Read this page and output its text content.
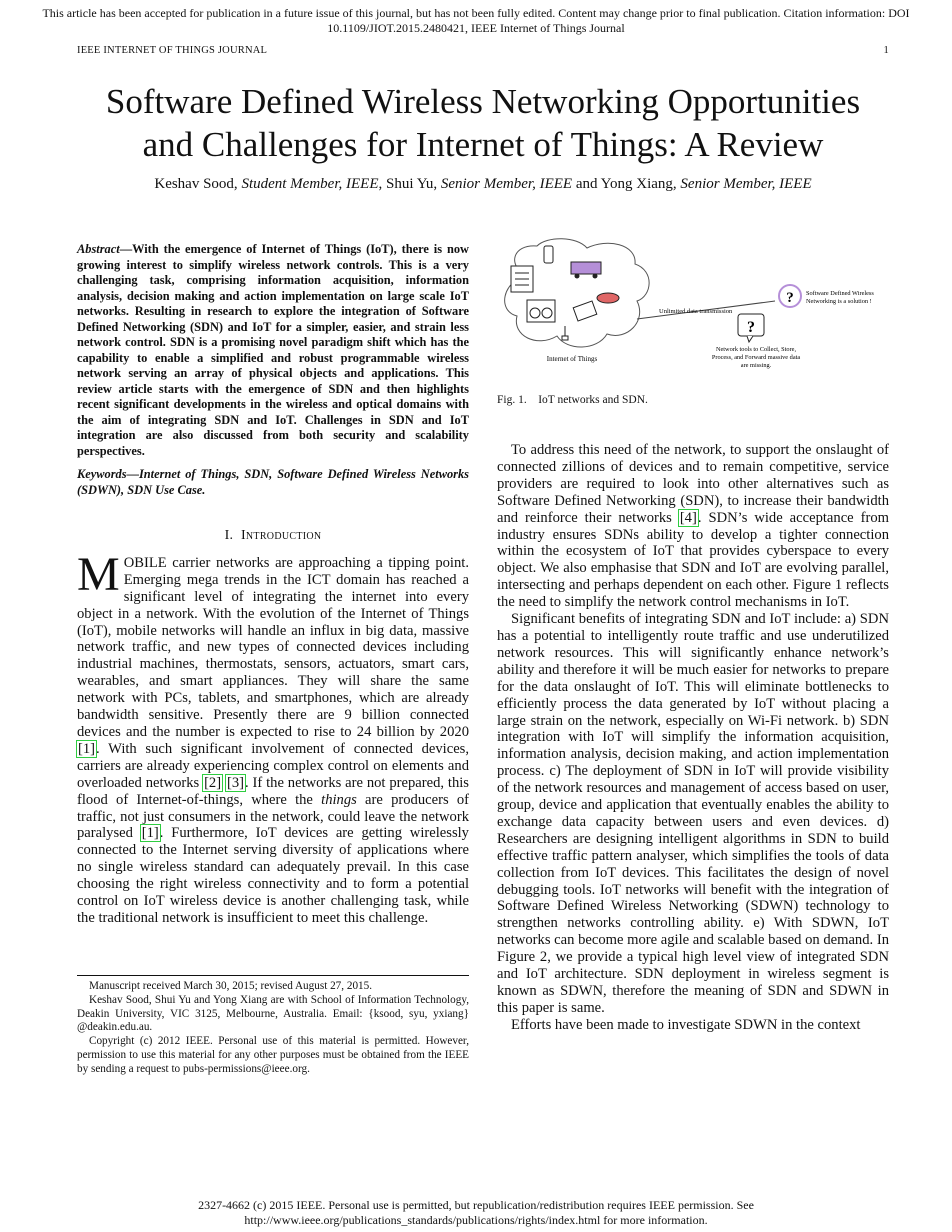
This article has been accepted for publication in a future issue of this journal, but has not been fully edited. Content may change prior to final publication. Citation information: DOI
10.1109/JIOT.2015.2480421, IEEE Internet of Things Journal
IEEE INTERNET OF THINGS JOURNAL	1
Software Defined Wireless Networking Opportunities
and Challenges for Internet of Things: A Review
Keshav Sood, Student Member, IEEE, Shui Yu, Senior Member, IEEE and Yong Xiang, Senior Member, IEEE
Abstract—With the emergence of Internet of Things (IoT), there is now growing interest to simplify wireless network controls. This is a very challenging task, comprising information acquisition, information analysis, decision making and action implementation on large scale IoT networks. Resulting in research to explore the integration of Software Defined Networking (SDN) and IoT for a simpler, easier, and strain less network control. SDN is a promising novel paradigm shift which has the capability to enable a simplified and robust programmable wireless network serving an array of physical objects and applications. This review article starts with the emergence of SDN and then highlights recent significant developments in the wireless and optical domains with the aim of integrating SDN and IoT. Challenges in SDN and IoT integration are also discussed from both security and scalability perspectives.
Keywords—Internet of Things, SDN, Software Defined Wireless Networks (SDWN), SDN Use Case.
I. Introduction

MOBILE carrier networks are approaching a tipping point. Emerging mega trends in the ICT domain has reached a significant level of integrating the internet into every object in a network. With the evolution of the Internet of Things (IoT), mobile networks will handle an influx in big data, massive network traffic, and new types of connected devices including industrial machines, thermostats, sensors, actuators, smart cars, wearables, and smart appliances. They will share the same network with PCs, tablets, and smartphones, which are already bandwidth sensitive. Presently there are 9 billion connected devices and the number is expected to rise to 24 billion by 2020 [1]. With such significant involvement of connected devices, carriers are already experiencing complex control on elements and overloaded networks [2] [3]. If the networks are not prepared, this flood of Internet-of-things, where the things are producers of traffic, not just consumers in the network, could leave the network paralysed [1]. Furthermore, IoT devices are getting wirelessly connected to the Internet serving diversity of applications where no single wireless standard can adequately prevail. In this case choosing the right wireless connectivity and to form a potential control on IoT wireless device is another challenging task, while the traditional network is insufficient to meet this challenge.

Manuscript received March 30, 2015; revised August 27, 2015.

Keshav Sood, Shui Yu and Yong Xiang are with School of Information Technology, Deakin University, VIC 3125, Melbourne, Australia. Email: {ksood, syu, yxiang} @deakin.edu.au.

Copyright (c) 2012 IEEE. Personal use of this material is permitted. However, permission to use this material for any other purposes must be obtained from the IEEE by sending a request to pubs-permissions@ieee.org.

Internet of Things
Unlimited data transmission
?
Network tools to Collect, Store,
Process, and Forward massive data
are missing.
? Software Defined Wireless
Networking is a solution !
Fig. 1.    IoT networks and SDN.

To address this need of the network, to support the onslaught of connected zillions of devices and to remain competitive, service providers are required to look into other alternatives such as Software Defined Networking (SDN), to increase their bandwidth and reinforce their networks [4]. SDN’s wide acceptance from industry ensures SDNs ability to develop a tighter connection within the ecosystem of IoT that provides cyberspace to every object. We also emphasise that SDN and IoT are evolving parallel, intersecting and perhaps dependent on each other. Figure 1 reflects the need to simplify the network control mechanisms in IoT.

Significant benefits of integrating SDN and IoT include: a) SDN has a potential to intelligently route traffic and use underutilized network resources. This will significantly enhance network’s ability and therefore it will be much easier for networks to prepare for the data onslaught of IoT. This will eliminate bottlenecks to efficiently process the data generated by IoT without placing a large strain on the network, especially on Wi-Fi network. b) SDN integration with IoT will simplify the information acquisition, information analysis, decision making, and action implementation process. c) The deployment of SDN in IoT will provide visibility of the network resources and management of access based on user, group, device and application that eventually enables the ability to exchange data capacity between users and even devices. d) Researchers are designing intelligent algorithms in SDN to build effective traffic pattern analyser, which simplifies the tools of data collection from IoT devices. This facilitates the design of novel debugging tools. IoT networks will benefit with the integration of Software Defined Wireless Networking (SDWN) technology to strengthen networks controlling ability. e) With SDWN, IoT networks can become more agile and scalable based on demand. In Figure 2, we provide a typical high level view of integrated SDN and IoT architecture. SDN deployment in wireless segment is known as SDWN, therefore the meaning of SDN and SDWN in this paper is same.

Efforts have been made to investigate SDWN in the context

2327-4662 (c) 2015 IEEE. Personal use is permitted, but republication/redistribution requires IEEE permission. See
http://www.ieee.org/publications_standards/publications/rights/index.html for more information.
